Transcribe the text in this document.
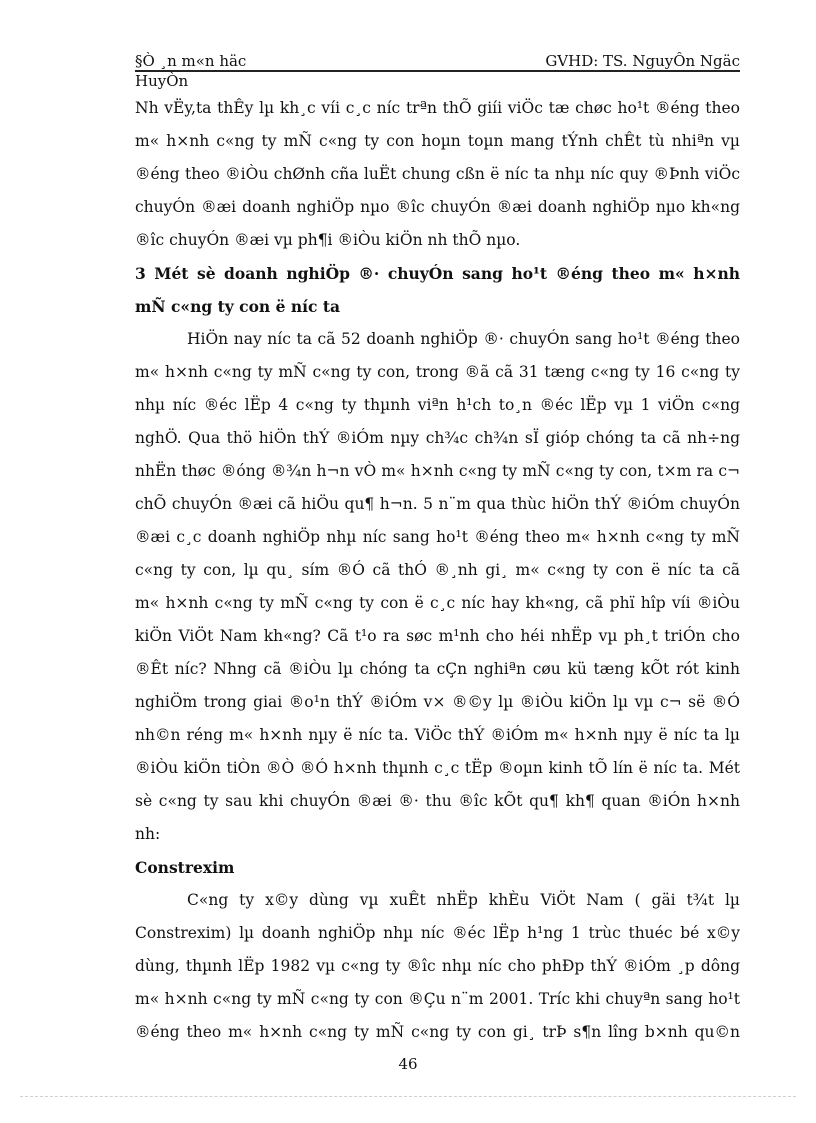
§Ò ¸n m«n häc	GVHD: TS. NguyÔn Ngäc
HuyÒn

Nh vËy,ta thÊy lµ kh¸c víi c¸c níc trªn thÕ giíi viÖc tæ chøc ho¹t ®éng theo
m« h×nh c«ng ty mÑ c«ng ty con hoµn toµn mang tÝnh chÊt tù nhiªn vµ
®éng theo ®iÒu chØnh cña luËt chung cßn ë níc ta nhµ níc quy ®Þnh viÖc
chuyÓn ®æi doanh nghiÖp nµo ®îc chuyÓn ®æi doanh nghiÖp nµo kh«ng
®îc chuyÓn ®æi vµ ph¶i ®iÒu kiÖn nh thÕ nµo.

3 Mét sè doanh nghiÖp ®· chuyÓn sang ho¹t ®éng theo m« h×nh
mÑ c«ng ty con ë níc ta

HiÖn nay níc ta cã 52 doanh nghiÖp ®· chuyÓn sang ho¹t ®éng theo
m« h×nh c«ng ty mÑ c«ng ty con, trong ®ã cã 31 tæng c«ng ty 16 c«ng ty
nhµ níc ®éc lËp 4 c«ng ty thµnh viªn h¹ch to¸n ®éc lËp vµ 1 viÖn c«ng
nghÖ. Qua thö hiÖn thÝ ®iÓm nµy ch¾c ch¾n sÏ gióp chóng ta cã nh÷ng
nhËn thøc ®óng ®¾n h¬n vÒ m« h×nh c«ng ty mÑ c«ng ty con, t×m ra c¬
chÕ chuyÓn ®æi cã hiÖu qu¶ h¬n. 5 n¨m qua thùc hiÖn thÝ ®iÓm chuyÓn
®æi c¸c doanh nghiÖp nhµ níc sang ho¹t ®éng theo m« h×nh c«ng ty mÑ
c«ng ty con, lµ qu¸ sím ®Ó cã thÓ ®¸nh gi¸ m« c«ng ty con ë níc ta cã
m« h×nh c«ng ty mÑ c«ng ty con ë c¸c níc hay kh«ng, cã phï hîp víi ®iÒu
kiÖn ViÖt Nam kh«ng? Cã t¹o ra søc m¹nh cho héi nhËp vµ ph¸t triÓn cho
®Êt níc? Nhng cã ®iÒu lµ chóng ta cÇn nghiªn cøu kü tæng kÕt rót kinh
nghiÖm trong giai ®o¹n thÝ ®iÓm v× ®©y lµ ®iÒu kiÖn lµ vµ c¬ së ®Ó
nh©n réng m« h×nh nµy ë níc ta. ViÖc thÝ ®iÓm m« h×nh nµy ë níc ta lµ
®iÒu kiÖn tiÒn ®Ò ®Ó h×nh thµnh c¸c tËp ®oµn kinh tÕ lín ë níc ta. Mét
sè c«ng ty sau khi chuyÓn ®æi ®· thu ®îc kÕt qu¶ kh¶ quan ®iÓn h×nh
nh:

Constrexim

C«ng ty x©y dùng vµ xuÊt nhËp khÈu ViÖt Nam ( gäi t¾t lµ
Constrexim) lµ doanh nghiÖp nhµ níc ®éc lËp h¹ng 1 trùc thuéc bé x©y
dùng, thµnh lËp 1982 vµ c«ng ty ®îc nhµ níc cho phÐp thÝ ®iÓm ¸p dông
m« h×nh c«ng ty mÑ c«ng ty con ®Çu n¨m 2001. Tríc khi chuyªn sang ho¹t
®éng theo m« h×nh c«ng ty mÑ c«ng ty con gi¸ trÞ s¶n lîng b×nh qu©n

46
